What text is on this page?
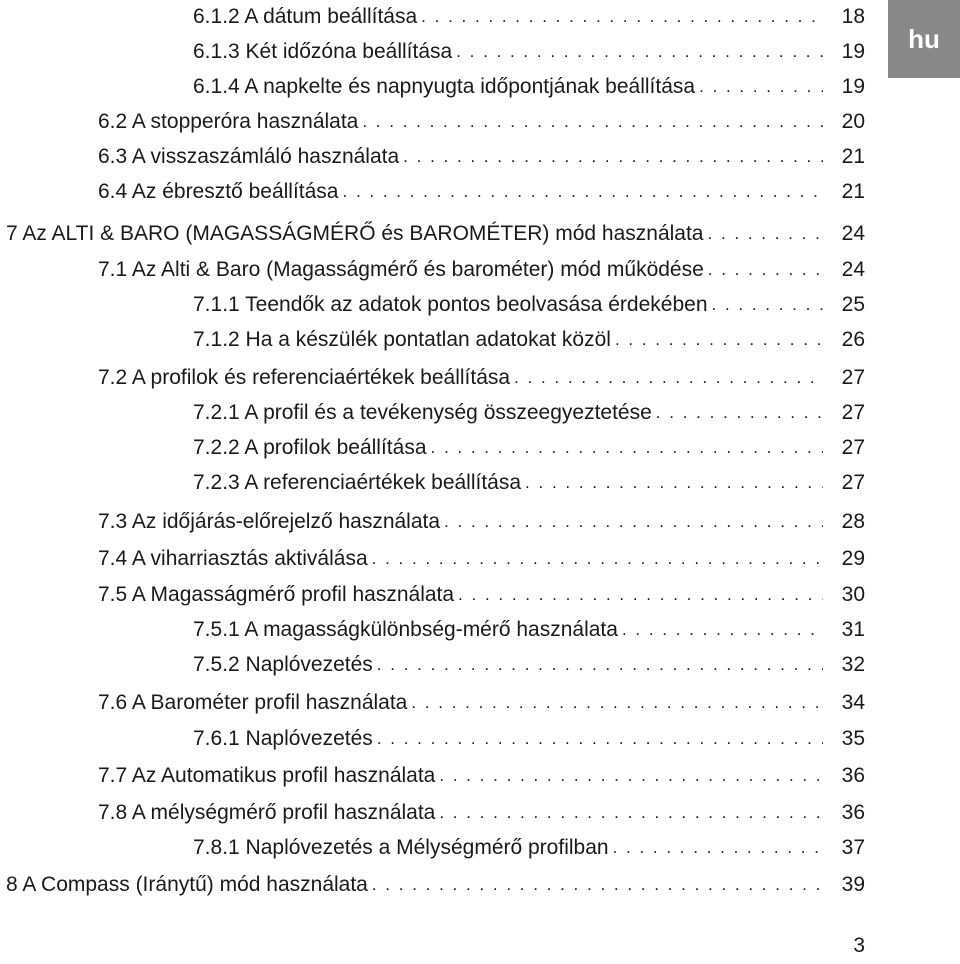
6.1.2 A dátum beállítása . . .	18
6.1.3 Két időzóna beállítása . . .	19
6.1.4 A napkelte és napnyugta időpontjának beállítása . . .	19
6.2 A stopperóra használata . . .	20
6.3 A visszaszámláló használata . . .	21
6.4 Az ébresztő beállítása . . .	21
7 Az ALTI & BARO (MAGASSÁGMÉRŐ és BAROMÉTER) mód használata . . .	24
7.1 Az Alti & Baro (Magasságmérő és barométer) mód működése . . .	24
7.1.1 Teendők az adatok pontos beolvasása érdekében . . .	25
7.1.2 Ha a készülék pontatlan adatokat közöl . . .	26
7.2 A profilok és referenciaértékek beállítása . . .	27
7.2.1 A profil és a tevékenység összeegyeztetése . . .	27
7.2.2 A profilok beállítása . . .	27
7.2.3 A referenciaértékek beállítása . . .	27
7.3 Az időjárás-előrejelző használata . . .	28
7.4 A viharriasztás aktiválása . . .	29
7.5 A Magasságmérő profil használata . . .	30
7.5.1 A magasságkülönbség-mérő használata . . .	31
7.5.2 Naplóvezetés . . .	32
7.6 A Barométer profil használata . . .	34
7.6.1 Naplóvezetés . . .	35
7.7 Az Automatikus profil használata . . .	36
7.8 A mélységmérő profil használata . . .	36
7.8.1 Naplóvezetés a Mélységmérő profilban . . .	37
8 A Compass (Iránytű) mód használata . . .	39
hu
3
